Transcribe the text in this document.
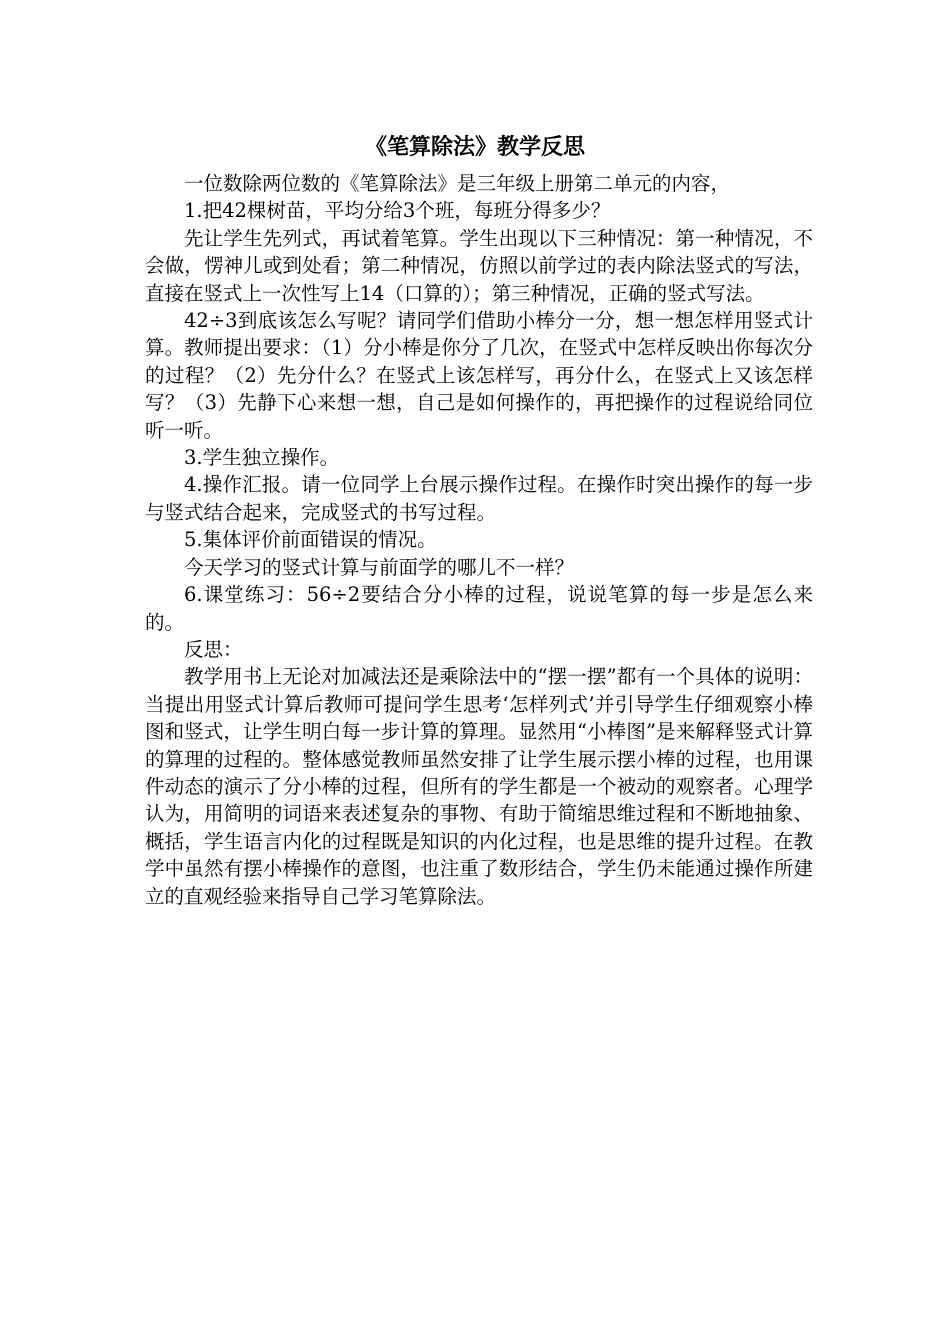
《笔算除法》教学反思

一位数除两位数的《笔算除法》是三年级上册第二单元的内容，

1.把42棵树苗，平均分给3个班，每班分得多少？

先让学生先列式，再试着笔算。学生出现以下三种情况：第一种情况，不会做，愣神儿或到处看；第二种情况，仿照以前学过的表内除法竖式的写法，直接在竖式上一次性写上14（口算的）；第三种情况，正确的竖式写法。

42÷3到底该怎么写呢？请同学们借助小棒分一分，想一想怎样用竖式计算。教师提出要求：（1）分小棒是你分了几次，在竖式中怎样反映出你每次分的过程？（2）先分什么？在竖式上该怎样写，再分什么，在竖式上又该怎样写？（3）先静下心来想一想，自己是如何操作的，再把操作的过程说给同位听一听。

3.学生独立操作。

4.操作汇报。请一位同学上台展示操作过程。在操作时突出操作的每一步与竖式结合起来，完成竖式的书写过程。

5.集体评价前面错误的情况。

今天学习的竖式计算与前面学的哪儿不一样？

6.课堂练习：56÷2要结合分小棒的过程，说说笔算的每一步是怎么来的。

反思：

教学用书上无论对加减法还是乘除法中的“摆一摆”都有一个具体的说明：当提出用竖式计算后教师可提问学生思考‘怎样列式’并引导学生仔细观察小棒图和竖式，让学生明白每一步计算的算理。显然用“小棒图”是来解释竖式计算的算理的过程的。整体感觉教师虽然安排了让学生展示摆小棒的过程，也用课件动态的演示了分小棒的过程，但所有的学生都是一个被动的观察者。心理学认为，用简明的词语来表述复杂的事物、有助于简缩思维过程和不断地抽象、概括，学生语言内化的过程既是知识的内化过程，也是思维的提升过程。在教学中虽然有摆小棒操作的意图，也注重了数形结合，学生仍未能通过操作所建立的直观经验来指导自己学习笔算除法。
